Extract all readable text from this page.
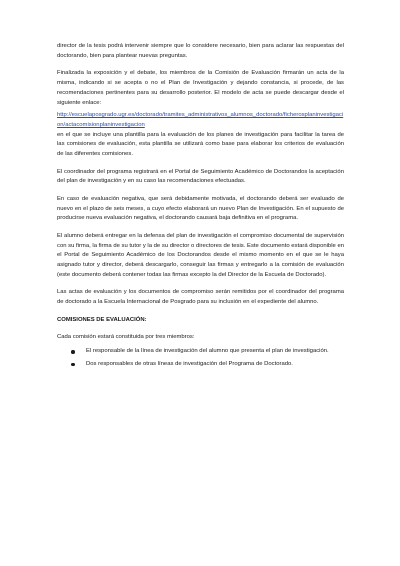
director de la tesis podrá intervenir siempre que lo considere necesario, bien para aclarar las respuestas del doctorando, bien para plantear nuevas preguntas.

Finalizada la exposición y el debate, los miembros de la Comisión de Evaluación firmarán un acta de la misma, indicando si se acepta o no el Plan de Investigación y dejando constancia, si procede, de las recomendaciones pertinentes para su desarrollo posterior. El modelo de acta se puede descargar desde el siguiente enlace:

http://escuelaposgrado.ugr.es/doctorado/tramites_administrativos_alumnos_doctorado/ficherosplaninvestigacion/actacomisionplaninvestigacion

en el que se incluye una plantilla para la evaluación de los planes de investigación para facilitar la tarea de las comisiones de evaluación, esta plantilla se utilizará como base para elaborar los criterios de evaluación de las diferentes comisiones.

El coordinador del programa registrará en el Portal de Seguimiento Académico de Doctorandos la aceptación del plan de investigación y en su caso las recomendaciones efectuadas.

En caso de evaluación negativa, que será debidamente motivada, el doctorando deberá ser evaluado de nuevo en el plazo de seis meses, a cuyo efecto elaborará un nuevo Plan de Investigación. En el supuesto de producirse nueva evaluación negativa, el doctorando causará baja definitiva en el programa.

El alumno deberá entregar en la defensa del plan de investigación el compromiso documental de supervisión con su firma, la firma de su tutor y la de su director o directores de tesis. Este documento estará disponible en el Portal de Seguimiento Académico de los Doctorandos desde el mismo momento en el que se le haya asignado tutor y director, deberá descargarlo, conseguir las firmas y entregarlo a la comisión de evaluación (este documento deberá contener todas las firmas excepto la del Director de la Escuela de Doctorado).

Las actas de evaluación y los documentos de compromiso serán remitidos por el coordinador del programa de doctorado a la Escuela Internacional de Posgrado para su inclusión en el expediente del alumno.

COMISIONES DE EVALUACIÓN:

Cada comisión estará constituida por tres miembros:

El responsable de la línea de investigación del alumno que presenta el plan de investigación.
Dos responsables de otras líneas de investigación del Programa de Doctorado.
